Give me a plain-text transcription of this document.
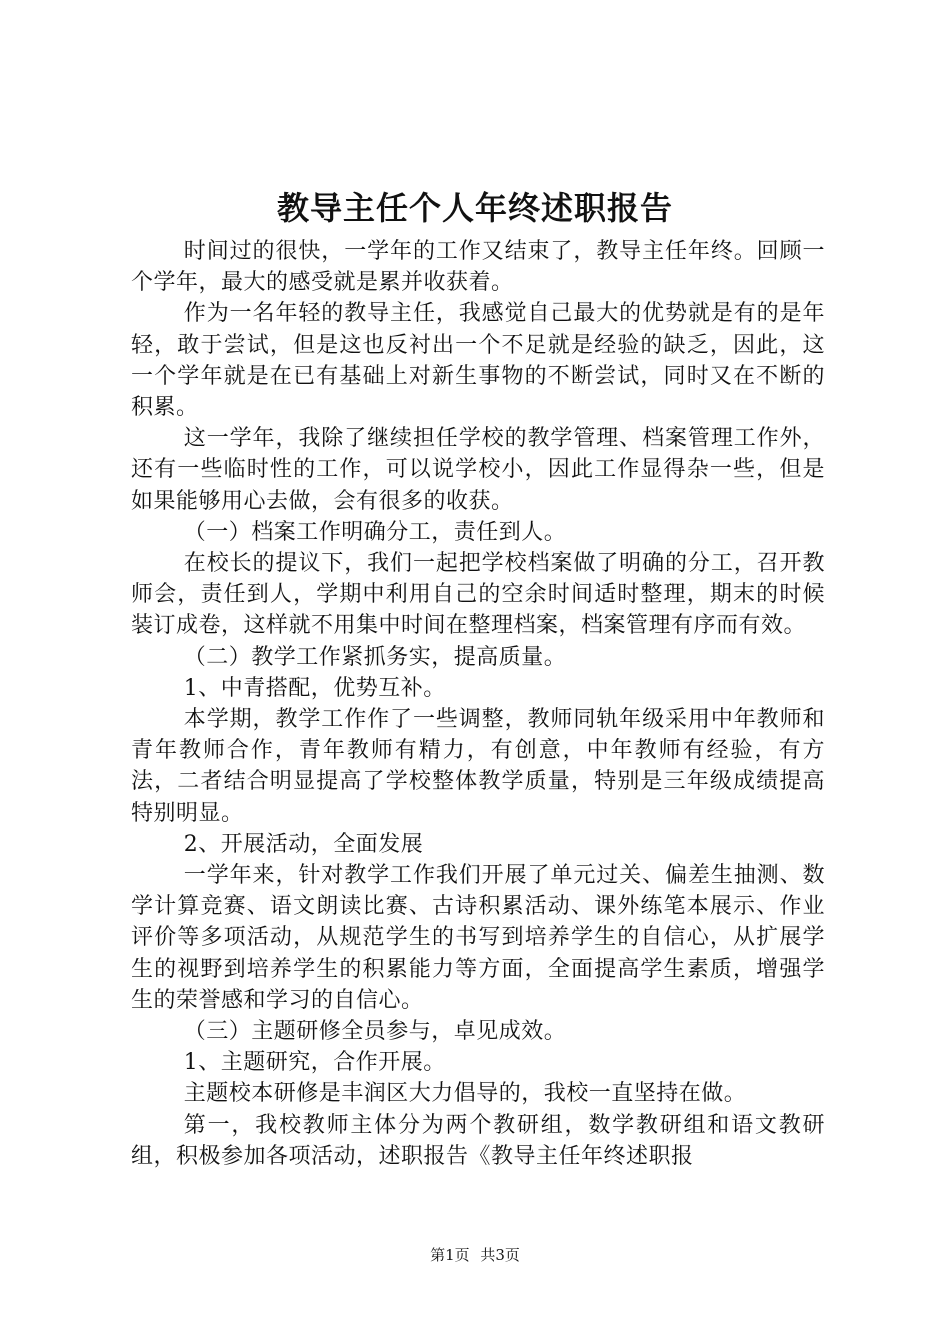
教导主任个人年终述职报告

时间过的很快，一学年的工作又结束了，教导主任年终。回顾一个学年，最大的感受就是累并收获着。

作为一名年轻的教导主任，我感觉自己最大的优势就是有的是年轻，敢于尝试，但是这也反衬出一个不足就是经验的缺乏，因此，这一个学年就是在已有基础上对新生事物的不断尝试，同时又在不断的积累。

这一学年，我除了继续担任学校的教学管理、档案管理工作外，还有一些临时性的工作，可以说学校小，因此工作显得杂一些，但是如果能够用心去做，会有很多的收获。

（一）档案工作明确分工，责任到人。

在校长的提议下，我们一起把学校档案做了明确的分工，召开教师会，责任到人，学期中利用自己的空余时间适时整理，期末的时候装订成卷，这样就不用集中时间在整理档案，档案管理有序而有效。

（二）教学工作紧抓务实，提高质量。

1、中青搭配，优势互补。

本学期，教学工作作了一些调整，教师同轨年级采用中年教师和青年教师合作，青年教师有精力，有创意，中年教师有经验，有方法，二者结合明显提高了学校整体教学质量，特别是三年级成绩提高特别明显。

2、开展活动，全面发展

一学年来，针对教学工作我们开展了单元过关、偏差生抽测、数学计算竞赛、语文朗读比赛、古诗积累活动、课外练笔本展示、作业评价等多项活动，从规范学生的书写到培养学生的自信心，从扩展学生的视野到培养学生的积累能力等方面，全面提高学生素质，增强学生的荣誉感和学习的自信心。

（三）主题研修全员参与，卓见成效。

1、主题研究，合作开展。

主题校本研修是丰润区大力倡导的，我校一直坚持在做。

第一，我校教师主体分为两个教研组，数学教研组和语文教研组，积极参加各项活动，述职报告《教导主任年终述职报

第1页 共3页
